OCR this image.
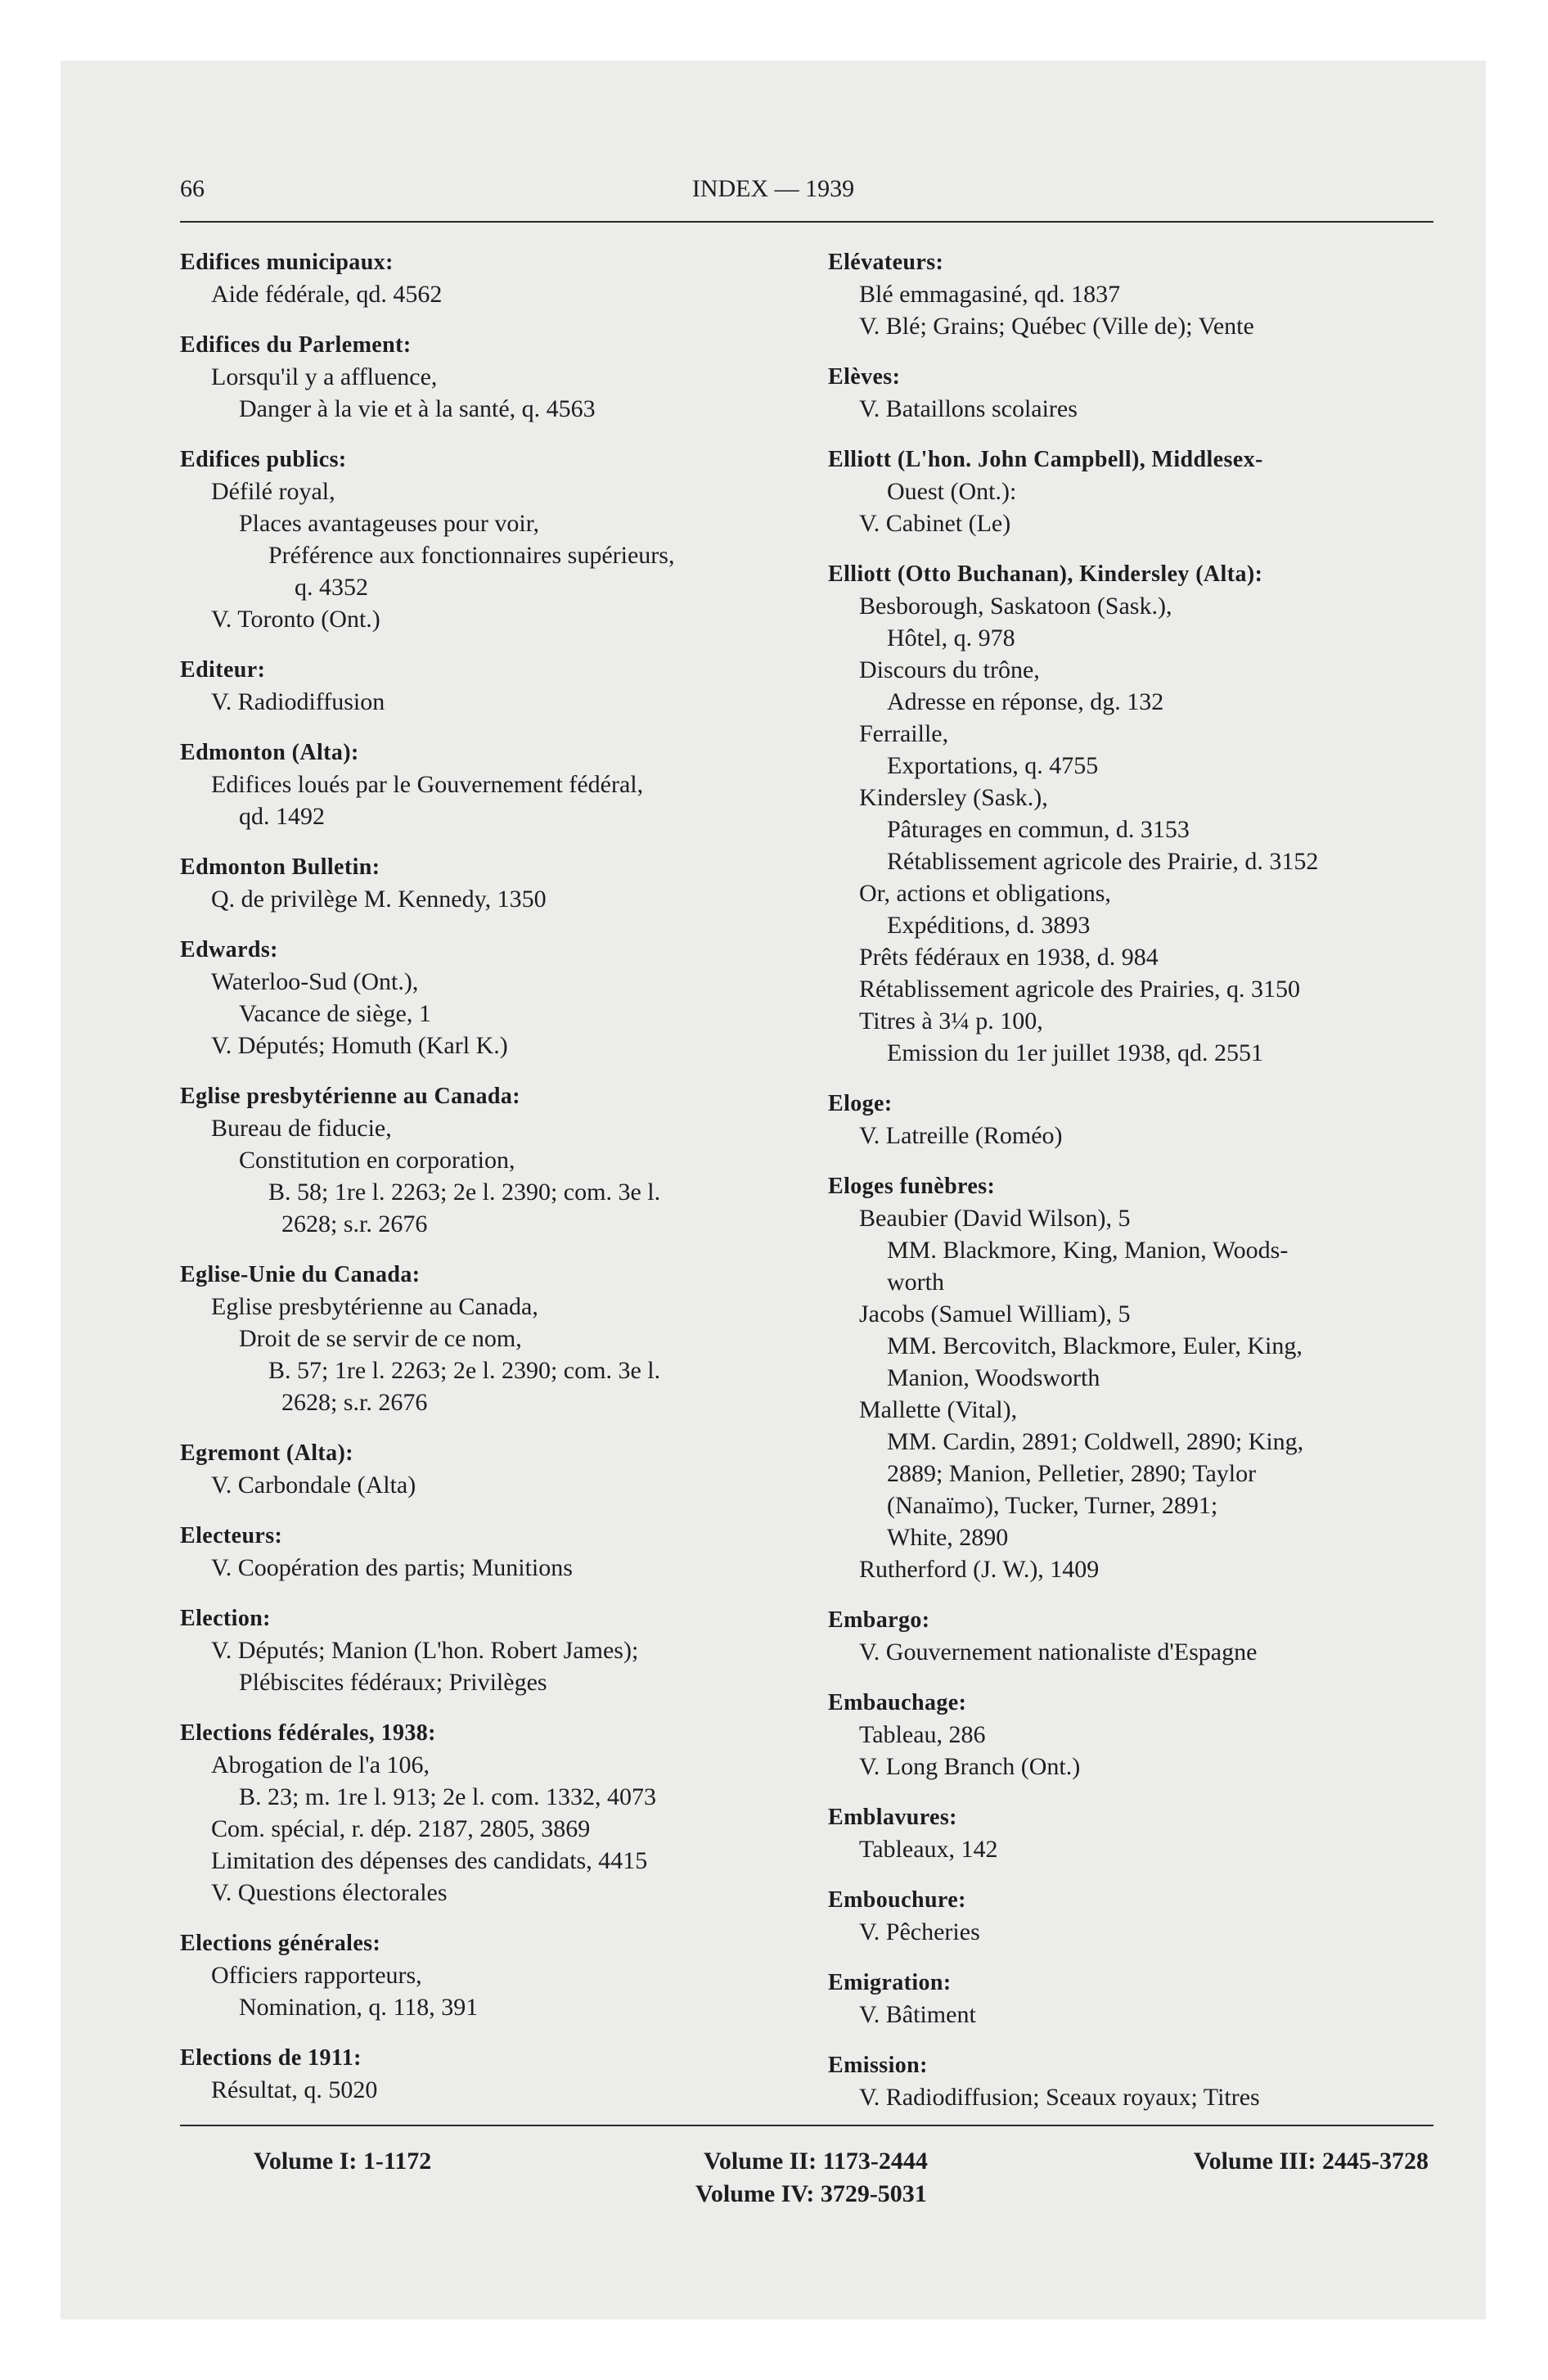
66	INDEX — 1939
Edifices municipaux:
Aide fédérale, qd. 4562
Edifices du Parlement:
Lorsqu'il y a affluence,
Danger à la vie et à la santé, q. 4563
Edifices publics:
Défilé royal,
Places avantageuses pour voir,
Préférence aux fonctionnaires supérieurs,
q. 4352
V. Toronto (Ont.)
Editeur:
V. Radiodiffusion
Edmonton (Alta):
Edifices loués par le Gouvernement fédéral,
qd. 1492
Edmonton Bulletin:
Q. de privilège M. Kennedy, 1350
Edwards:
Waterloo-Sud (Ont.),
Vacance de siège, 1
V. Députés; Homuth (Karl K.)
Eglise presbytérienne au Canada:
Bureau de fiducie,
Constitution en corporation,
B. 58; 1re l. 2263; 2e l. 2390; com. 3e l.
2628; s.r. 2676
Eglise-Unie du Canada:
Eglise presbytérienne au Canada,
Droit de se servir de ce nom,
B. 57; 1re l. 2263; 2e l. 2390; com. 3e l.
2628; s.r. 2676
Egremont (Alta):
V. Carbondale (Alta)
Electeurs:
V. Coopération des partis; Munitions
Election:
V. Députés; Manion (L'hon. Robert James);
Plébiscites fédéraux; Privilèges
Elections fédérales, 1938:
Abrogation de l'a 106,
B. 23; m. 1re l. 913; 2e l. com. 1332, 4073
Com. spécial, r. dép. 2187, 2805, 3869
Limitation des dépenses des candidats, 4415
V. Questions électorales
Elections générales:
Officiers rapporteurs,
Nomination, q. 118, 391
Elections de 1911:
Résultat, q. 5020
Elévateurs:
Blé emmagasiné, qd. 1837
V. Blé; Grains; Québec (Ville de); Vente
Elèves:
V. Bataillons scolaires
Elliott (L'hon. John Campbell), Middlesex-
Ouest (Ont.):
V. Cabinet (Le)
Elliott (Otto Buchanan), Kindersley (Alta):
Besborough, Saskatoon (Sask.),
Hôtel, q. 978
Discours du trône,
Adresse en réponse, dg. 132
Ferraille,
Exportations, q. 4755
Kindersley (Sask.),
Pâturages en commun, d. 3153
Rétablissement agricole des Prairie, d. 3152
Or, actions et obligations,
Expéditions, d. 3893
Prêts fédéraux en 1938, d. 984
Rétablissement agricole des Prairies, q. 3150
Titres à 3¼ p. 100,
Emission du 1er juillet 1938, qd. 2551
Eloge:
V. Latreille (Roméo)
Eloges funèbres:
Beaubier (David Wilson), 5
MM. Blackmore, King, Manion, Woods-
worth
Jacobs (Samuel William), 5
MM. Bercovitch, Blackmore, Euler, King,
Manion, Woodsworth
Mallette (Vital),
MM. Cardin, 2891; Coldwell, 2890; King,
2889; Manion, Pelletier, 2890; Taylor
(Nanaïmo), Tucker, Turner, 2891;
White, 2890
Rutherford (J. W.), 1409
Embargo:
V. Gouvernement nationaliste d'Espagne
Embauchage:
Tableau, 286
V. Long Branch (Ont.)
Emblavures:
Tableaux, 142
Embouchure:
V. Pêcheries
Emigration:
V. Bâtiment
Emission:
V. Radiodiffusion; Sceaux royaux; Titres
Volume I: 1-1172	Volume II: 1173-2444
Volume IV: 3729-5031
Volume III: 2445-3728
